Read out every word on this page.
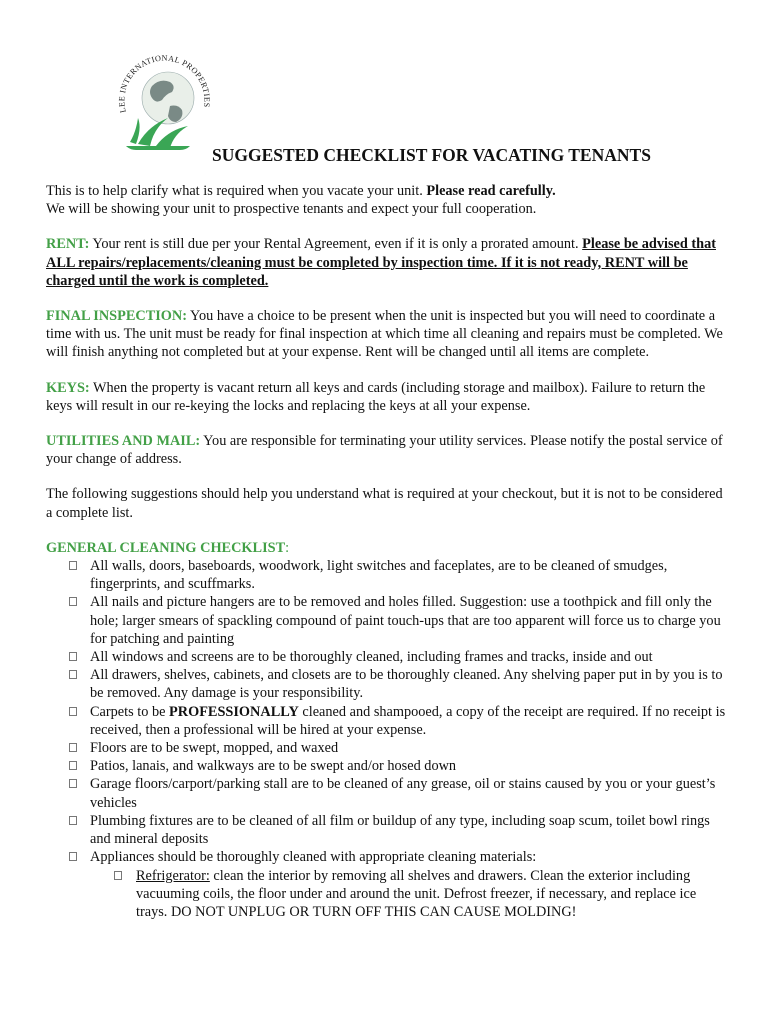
LEE INTERNATIONAL PROPERTIES
SUGGESTED CHECKLIST FOR VACATING TENANTS

This is to help clarify what is required when you vacate your unit. Please read carefully.
We will be showing your unit to prospective tenants and expect your full cooperation.

RENT: Your rent is still due per your Rental Agreement, even if it is only a prorated amount. Please be advised that ALL repairs/replacements/cleaning must be completed by inspection time. If it is not ready, RENT will be charged until the work is completed.

FINAL INSPECTION: You have a choice to be present when the unit is inspected but you will need to coordinate a time with us. The unit must be ready for final inspection at which time all cleaning and repairs must be completed. We will finish anything not completed but at your expense. Rent will be changed until all items are complete.

KEYS: When the property is vacant return all keys and cards (including storage and mailbox). Failure to return the keys will result in our re-keying the locks and replacing the keys at all your expense.

UTILITIES AND MAIL: You are responsible for terminating your utility services. Please notify the postal service of your change of address.

The following suggestions should help you understand what is required at your checkout, but it is not to be considered a complete list.

GENERAL CLEANING CHECKLIST:
All walls, doors, baseboards, woodwork, light switches and faceplates, are to be cleaned of smudges, fingerprints, and scuffmarks.
All nails and picture hangers are to be removed and holes filled. Suggestion: use a toothpick and fill only the hole; larger smears of spackling compound of paint touch-ups that are too apparent will force us to charge you for patching and painting
All windows and screens are to be thoroughly cleaned, including frames and tracks, inside and out
All drawers, shelves, cabinets, and closets are to be thoroughly cleaned. Any shelving paper put in by you is to be removed. Any damage is your responsibility.
Carpets to be PROFESSIONALLY cleaned and shampooed, a copy of the receipt are required. If no receipt is received, then a professional will be hired at your expense.
Floors are to be swept, mopped, and waxed
Patios, lanais, and walkways are to be swept and/or hosed down
Garage floors/carport/parking stall are to be cleaned of any grease, oil or stains caused by you or your guest’s vehicles
Plumbing fixtures are to be cleaned of all film or buildup of any type, including soap scum, toilet bowl rings and mineral deposits
Appliances should be thoroughly cleaned with appropriate cleaning materials:
Refrigerator: clean the interior by removing all shelves and drawers. Clean the exterior including vacuuming coils, the floor under and around the unit. Defrost freezer, if necessary, and replace ice trays. DO NOT UNPLUG OR TURN OFF THIS CAN CAUSE MOLDING!
